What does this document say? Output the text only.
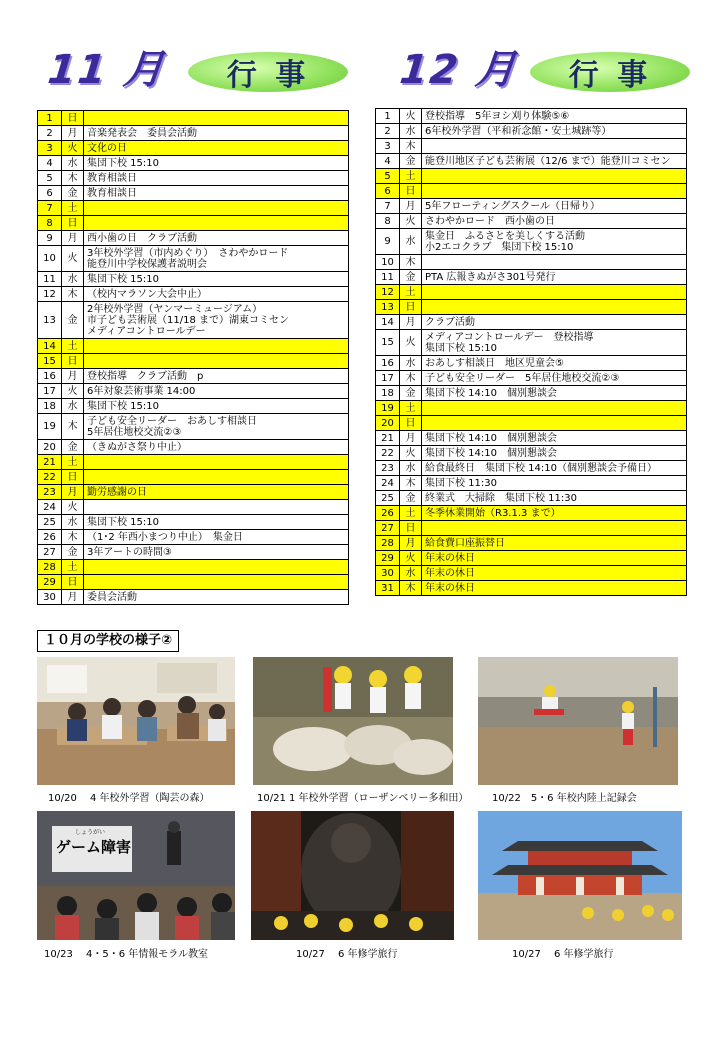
11 月	行 事	12 月	行 事
1	日	
2	月	音楽発表会　委員会活動
3	火	文化の日
4	水	集団下校 15:10
5	木	教育相談日
6	金	教育相談日
7	土	
8	日	
9	月	西小歯の日　クラブ活動
10	火	3年校外学習（市内めぐり）　さわやかロード
能登川中学校保護者説明会
11	水	集団下校 15:10
12	木	（校内マラソン大会中止）
13	金	2年校外学習（ヤンマーミュージアム）
市子ども芸術展（11/18 まで）湖東コミセン
メディアコントロールデー
14	土	
15	日	
16	月	登校指導　クラブ活動　p
17	火	6年対象芸術事業 14:00
18	水	集団下校 15:10
19	木	子ども安全リーダー　おあしす相談日
5年居住地校交流②③
20	金	（きぬがさ祭り中止）
21	土	
22	日	
23	月	勤労感謝の日
24	火	
25	水	集団下校 15:10
26	木	（1･2 年西小まつり中止）　集金日
27	金	3年アートの時間③
28	土	
29	日	
30	月	委員会活動
1	火	登校指導　5年ヨシ刈り体験⑤⑥
2	水	6年校外学習（平和祈念館・安土城跡等）
3	木	
4	金	能登川地区子ども芸術展（12/6 まで）能登川コミセン
5	土	
6	日	
7	月	5年フローティングスクール（日帰り）
8	火	さわやかロード　西小歯の日
9	水	集金日　ふるさとを美しくする活動
小2エコクラブ　集団下校 15:10
10	木	
11	金	PTA 広報きぬがさ301号発行
12	土	
13	日	
14	月	クラブ活動
15	火	メディアコントロールデー　登校指導
集団下校 15:10
16	水	おあしす相談日　地区児童会⑤
17	木	子ども安全リーダー　5年居住地校交流②③
18	金	集団下校 14:10　個別懇談会
19	土	
20	日	
21	月	集団下校 14:10　個別懇談会
22	火	集団下校 14:10　個別懇談会
23	水	給食最終日　集団下校 14:10（個別懇談会予備日）
24	木	集団下校 11:30
25	金	終業式　大掃除　集団下校 11:30
26	土	冬季休業開始（R3.1.3 まで）
27	日	
28	月	給食費口座振替日
29	火	年末の休日
30	水	年末の休日
31	木	年末の休日
１０月の学校の様子②
10/20　 4 年校外学習（陶芸の森）	10/21 1 年校外学習（ローザンベリー多和田） 10/22　5・6 年校内陸上記録会
しょうがい
ゲーム障害
10/23　 4・5・6 年情報モラル教室	10/27　 6 年修学旅行	10/27　 6 年修学旅行
